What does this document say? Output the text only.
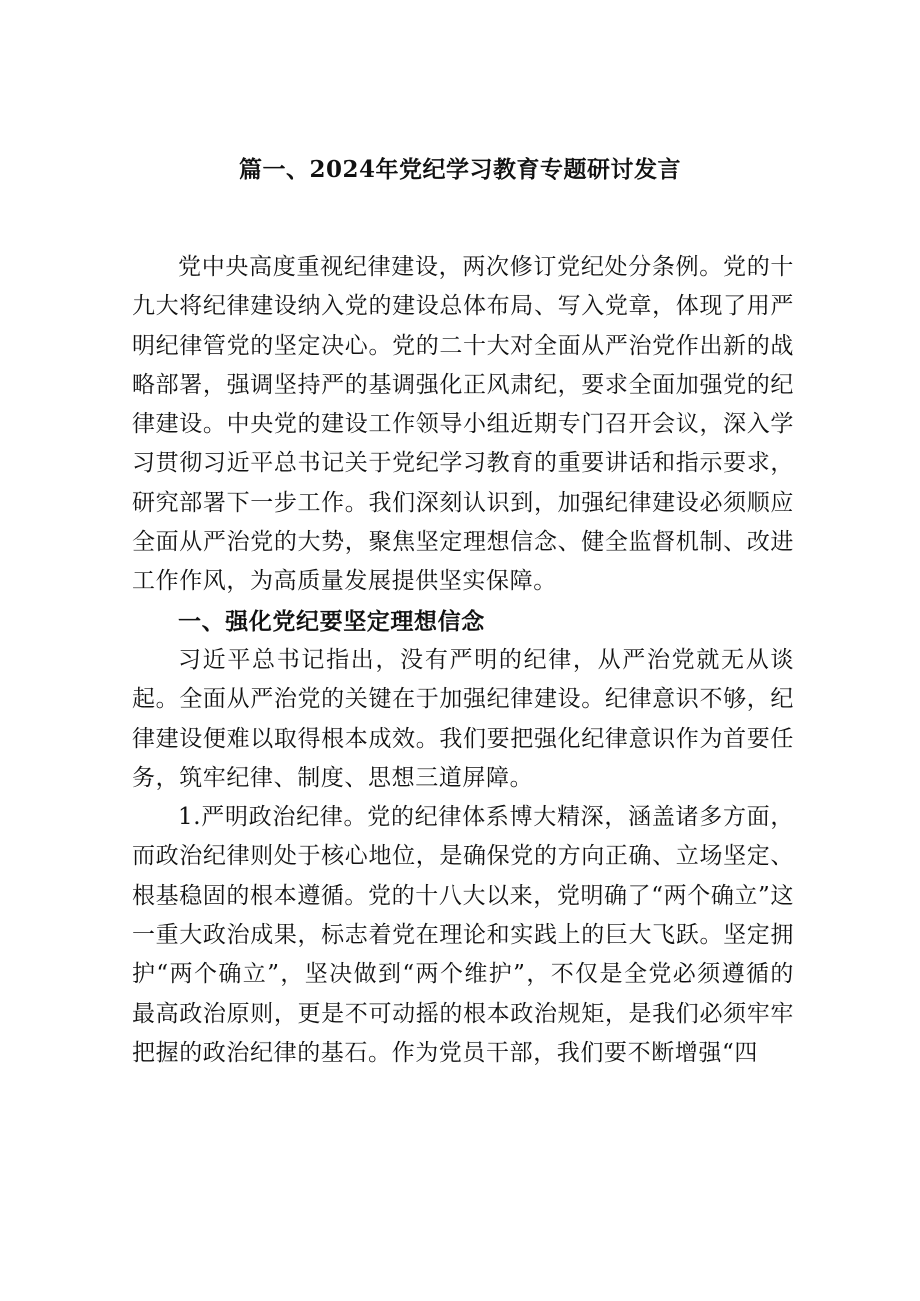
篇一、2024年党纪学习教育专题研讨发言

党中央高度重视纪律建设，两次修订党纪处分条例。党的十九大将纪律建设纳入党的建设总体布局、写入党章，体现了用严明纪律管党的坚定决心。党的二十大对全面从严治党作出新的战略部署，强调坚持严的基调强化正风肃纪，要求全面加强党的纪律建设。中央党的建设工作领导小组近期专门召开会议，深入学习贯彻习近平总书记关于党纪学习教育的重要讲话和指示要求，研究部署下一步工作。我们深刻认识到，加强纪律建设必须顺应全面从严治党的大势，聚焦坚定理想信念、健全监督机制、改进工作作风，为高质量发展提供坚实保障。

一、强化党纪要坚定理想信念

习近平总书记指出，没有严明的纪律，从严治党就无从谈起。全面从严治党的关键在于加强纪律建设。纪律意识不够，纪律建设便难以取得根本成效。我们要把强化纪律意识作为首要任务，筑牢纪律、制度、思想三道屏障。

1.严明政治纪律。党的纪律体系博大精深，涵盖诸多方面，而政治纪律则处于核心地位，是确保党的方向正确、立场坚定、根基稳固的根本遵循。党的十八大以来，党明确了“两个确立”这一重大政治成果，标志着党在理论和实践上的巨大飞跃。坚定拥护“两个确立”，坚决做到“两个维护”，不仅是全党必须遵循的最高政治原则，更是不可动摇的根本政治规矩，是我们必须牢牢把握的政治纪律的基石。作为党员干部，我们要不断增强“四
